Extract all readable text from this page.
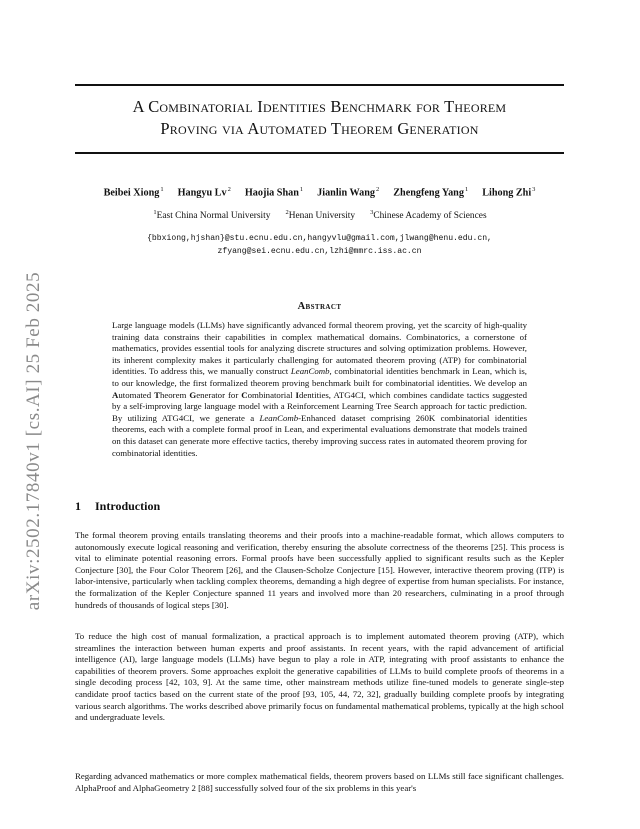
arXiv:2502.17840v1 [cs.AI] 25 Feb 2025
A Combinatorial Identities Benchmark for Theorem
Proving via Automated Theorem Generation
Beibei Xiong$^1$ Hangyu Lv$^2$ Haojia Shan$^1$ Jianlin Wang$^2$ Zhengfeng Yang$^1$ Lihong Zhi$^3$
$^1$East China Normal University $^2$Henan University $^3$Chinese Academy of Sciences
{bbxiong,hjshan}@stu.ecnu.edu.cn,hangyvlu@gmail.com,jlwang@henu.edu.cn,
zfyang@sei.ecnu.edu.cn,lzhi@mmrc.iss.ac.cn
Abstract

Large language models (LLMs) have significantly advanced formal theorem proving, yet the scarcity of high-quality training data constrains their capabilities in complex mathematical domains. Combinatorics, a cornerstone of mathematics, provides essential tools for analyzing discrete structures and solving optimization problems. However, its inherent complexity makes it particularly challenging for automated theorem proving (ATP) for combinatorial identities. To address this, we manually construct LeanComb, combinatorial identities benchmark in Lean, which is, to our knowledge, the first formalized theorem proving benchmark built for combinatorial identities. We develop an Automated Theorem Generator for Combinatorial Identities, ATG4CI, which combines candidate tactics suggested by a self-improving large language model with a Reinforcement Learning Tree Search approach for tactic prediction. By utilizing ATG4CI, we generate a LeanComb-Enhanced dataset comprising 260K combinatorial identities theorems, each with a complete formal proof in Lean, and experimental evaluations demonstrate that models trained on this dataset can generate more effective tactics, thereby improving success rates in automated theorem proving for combinatorial identities.

1 Introduction

The formal theorem proving entails translating theorems and their proofs into a machine-readable format, which allows computers to autonomously execute logical reasoning and verification, thereby ensuring the absolute correctness of the theorems [25]. This process is vital to eliminate potential reasoning errors. Formal proofs have been successfully applied to significant results such as the Kepler Conjecture [30], the Four Color Theorem [26], and the Clausen-Scholze Conjecture [15]. However, interactive theorem proving (ITP) is labor-intensive, particularly when tackling complex theorems, demanding a high degree of expertise from human specialists. For instance, the formalization of the Kepler Conjecture spanned 11 years and involved more than 20 researchers, culminating in a proof through hundreds of thousands of logical steps [30].

To reduce the high cost of manual formalization, a practical approach is to implement automated theorem proving (ATP), which streamlines the interaction between human experts and proof assistants. In recent years, with the rapid advancement of artificial intelligence (AI), large language models (LLMs) have begun to play a role in ATP, integrating with proof assistants to enhance the capabilities of theorem provers. Some approaches exploit the generative capabilities of LLMs to build complete proofs of theorems in a single decoding process [42, 103, 9]. At the same time, other mainstream methods utilize fine-tuned models to generate single-step candidate proof tactics based on the current state of the proof [93, 105, 44, 72, 32], gradually building complete proofs by integrating various search algorithms. The works described above primarily focus on fundamental mathematical problems, typically at the high school and undergraduate levels.

Regarding advanced mathematics or more complex mathematical fields, theorem provers based on LLMs still face significant challenges. AlphaProof and AlphaGeometry 2 [88] successfully solved four of the six problems in this year's
